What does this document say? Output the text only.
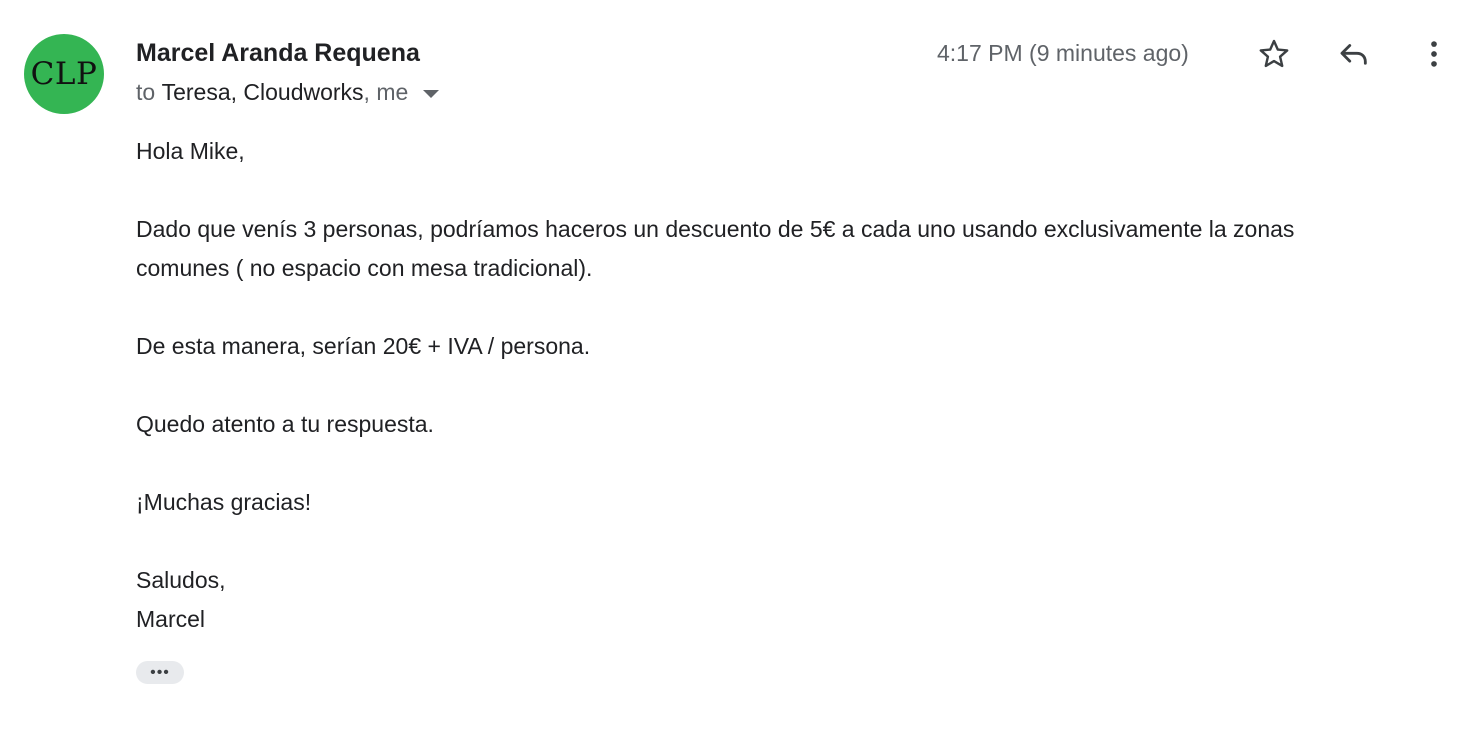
CLP
Marcel Aranda Requena
to
Teresa, Cloudworks , me
4:17 PM (9 minutes ago)

Hola Mike,

Dado que venís 3 personas, podríamos haceros un descuento de 5€ a cada uno usando exclusivamente la zonas
comunes ( no espacio con mesa tradicional).

De esta manera, serían 20€ + IVA / persona.

Quedo atento a tu respuesta.

¡Muchas gracias!

Saludos,
Marcel

•••
